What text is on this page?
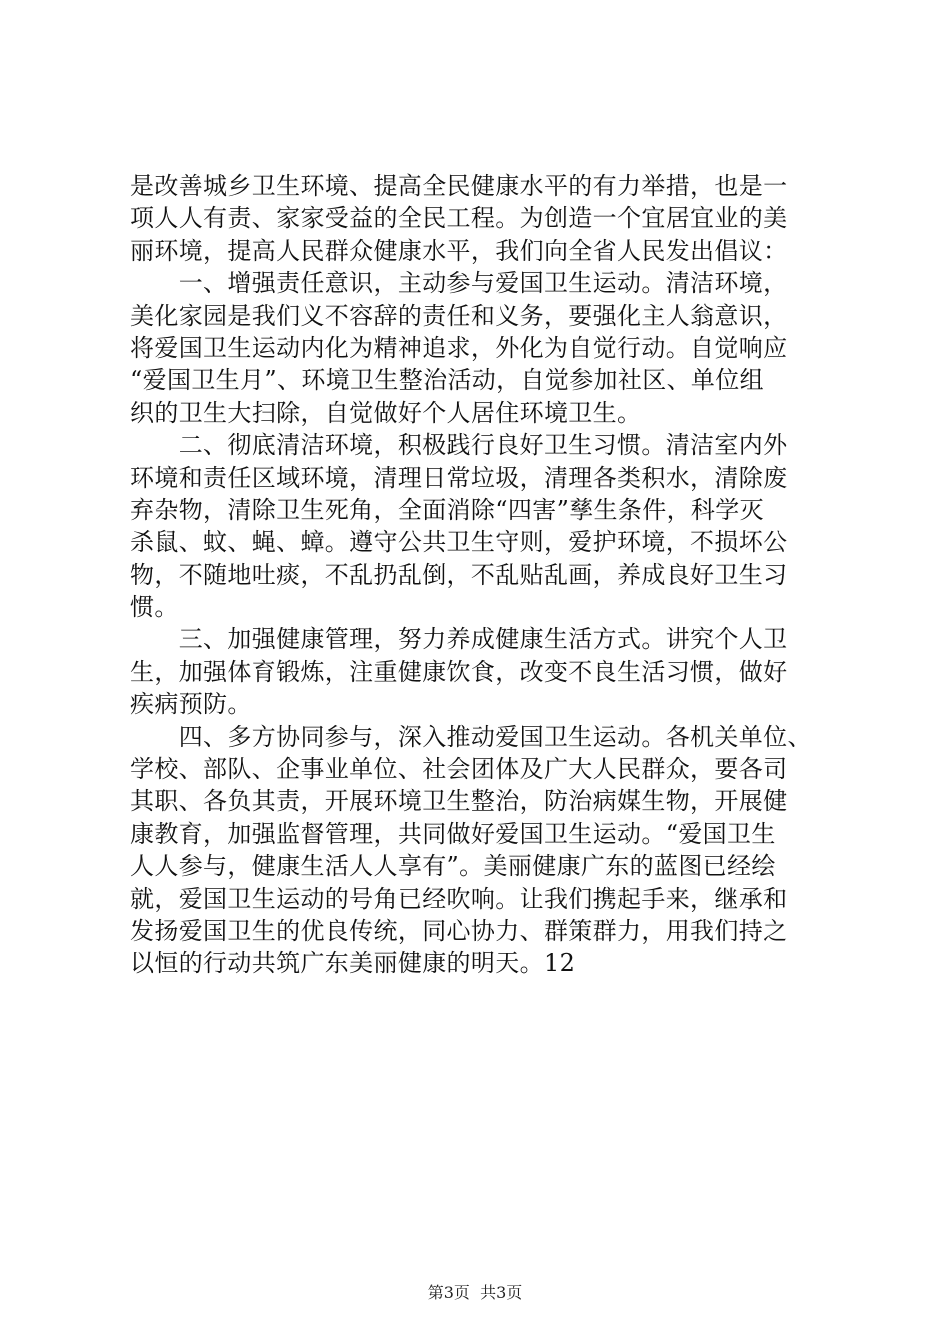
是改善城乡卫生环境、提高全民健康水平的有力举措，也是一
项人人有责、家家受益的全民工程。为创造一个宜居宜业的美
丽环境，提高人民群众健康水平，我们向全省人民发出倡议：
　　一、增强责任意识，主动参与爱国卫生运动。清洁环境，
美化家园是我们义不容辞的责任和义务，要强化主人翁意识，
将爱国卫生运动内化为精神追求，外化为自觉行动。自觉响应
“爱国卫生月”、环境卫生整治活动，自觉参加社区、单位组
织的卫生大扫除，自觉做好个人居住环境卫生。
　　二、彻底清洁环境，积极践行良好卫生习惯。清洁室内外
环境和责任区域环境，清理日常垃圾，清理各类积水，清除废
弃杂物，清除卫生死角，全面消除“四害”孳生条件，科学灭
杀鼠、蚊、蝇、蟑。遵守公共卫生守则，爱护环境，不损坏公
物，不随地吐痰，不乱扔乱倒，不乱贴乱画，养成良好卫生习
惯。
　　三、加强健康管理，努力养成健康生活方式。讲究个人卫
生，加强体育锻炼，注重健康饮食，改变不良生活习惯，做好
疾病预防。
　　四、多方协同参与，深入推动爱国卫生运动。各机关单位、
学校、部队、企事业单位、社会团体及广大人民群众，要各司
其职、各负其责，开展环境卫生整治，防治病媒生物，开展健
康教育，加强监督管理，共同做好爱国卫生运动。“爱国卫生
人人参与，健康生活人人享有”。美丽健康广东的蓝图已经绘
就，爱国卫生运动的号角已经吹响。让我们携起手来，继承和
发扬爱国卫生的优良传统，同心协力、群策群力，用我们持之
以恒的行动共筑广东美丽健康的明天。12
第3页  共3页
